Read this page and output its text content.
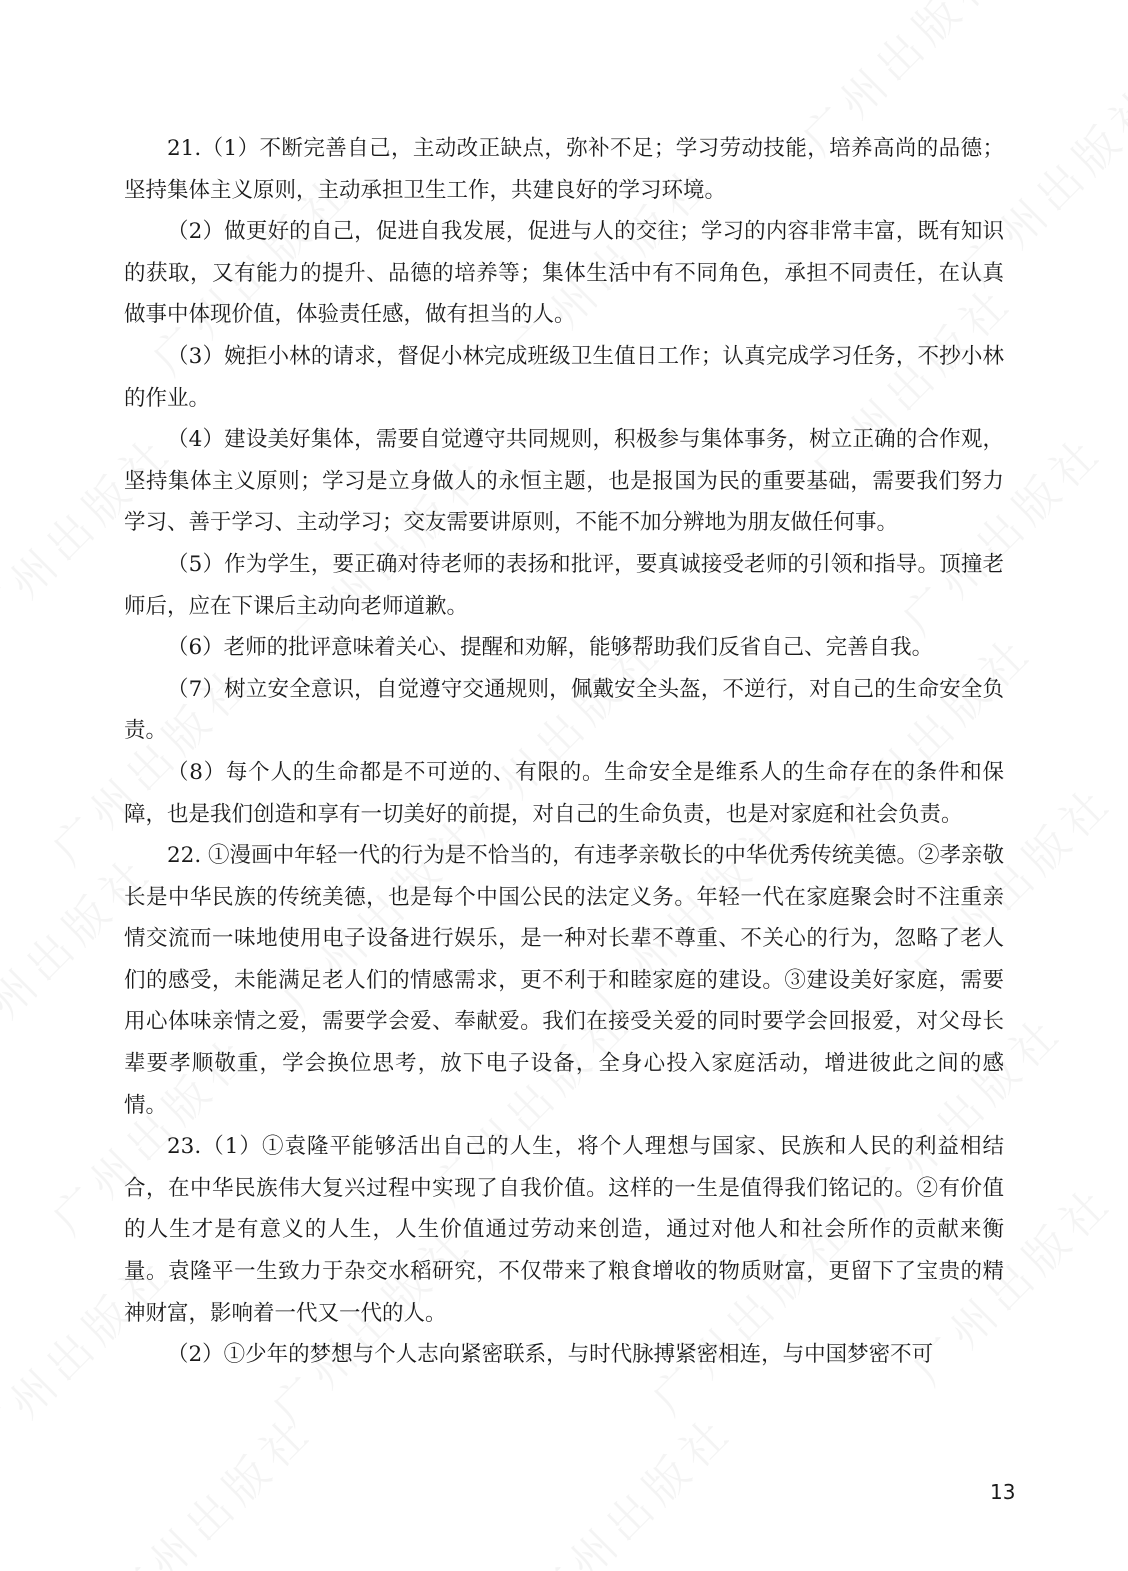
21.（1）不断完善自己，主动改正缺点，弥补不足；学习劳动技能，培养高尚的品德；坚持集体主义原则，主动承担卫生工作，共建良好的学习环境。

（2）做更好的自己，促进自我发展，促进与人的交往；学习的内容非常丰富，既有知识的获取，又有能力的提升、品德的培养等；集体生活中有不同角色，承担不同责任，在认真做事中体现价值，体验责任感，做有担当的人。

（3）婉拒小林的请求，督促小林完成班级卫生值日工作；认真完成学习任务，不抄小林的作业。

（4）建设美好集体，需要自觉遵守共同规则，积极参与集体事务，树立正确的合作观，坚持集体主义原则；学习是立身做人的永恒主题，也是报国为民的重要基础，需要我们努力学习、善于学习、主动学习；交友需要讲原则，不能不加分辨地为朋友做任何事。

（5）作为学生，要正确对待老师的表扬和批评，要真诚接受老师的引领和指导。顶撞老师后，应在下课后主动向老师道歉。

（6）老师的批评意味着关心、提醒和劝解，能够帮助我们反省自己、完善自我。

（7）树立安全意识，自觉遵守交通规则，佩戴安全头盔，不逆行，对自己的生命安全负责。

（8）每个人的生命都是不可逆的、有限的。生命安全是维系人的生命存在的条件和保障，也是我们创造和享有一切美好的前提，对自己的生命负责，也是对家庭和社会负责。

22. ①漫画中年轻一代的行为是不恰当的，有违孝亲敬长的中华优秀传统美德。②孝亲敬长是中华民族的传统美德，也是每个中国公民的法定义务。年轻一代在家庭聚会时不注重亲情交流而一味地使用电子设备进行娱乐，是一种对长辈不尊重、不关心的行为，忽略了老人们的感受，未能满足老人们的情感需求，更不利于和睦家庭的建设。③建设美好家庭，需要用心体味亲情之爱，需要学会爱、奉献爱。我们在接受关爱的同时要学会回报爱，对父母长辈要孝顺敬重，学会换位思考，放下电子设备，全身心投入家庭活动，增进彼此之间的感情。

23.（1）①袁隆平能够活出自己的人生，将个人理想与国家、民族和人民的利益相结合，在中华民族伟大复兴过程中实现了自我价值。这样的一生是值得我们铭记的。②有价值的人生才是有意义的人生，人生价值通过劳动来创造，通过对他人和社会所作的贡献来衡量。袁隆平一生致力于杂交水稻研究，不仅带来了粮食增收的物质财富，更留下了宝贵的精神财富，影响着一代又一代的人。

（2）①少年的梦想与个人志向紧密联系，与时代脉搏紧密相连，与中国梦密不可

13
